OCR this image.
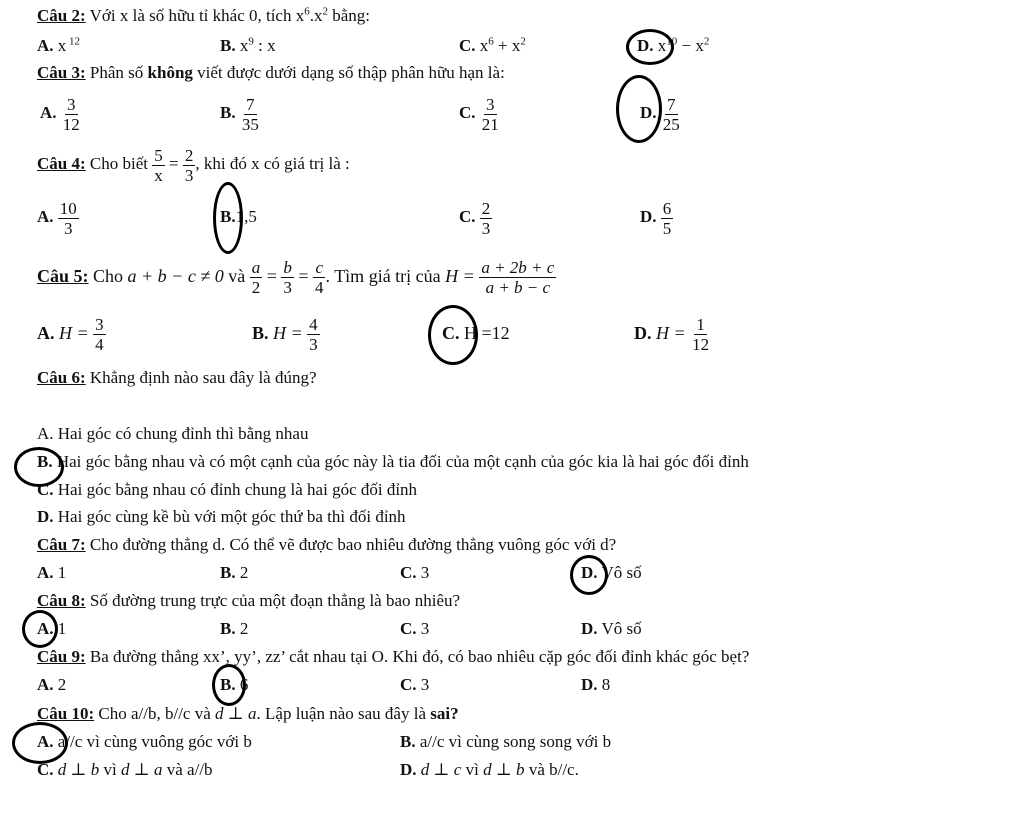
Câu 2: Với x là số hữu tỉ khác 0, tích $x^6.x^2$ bằng:
A. x $^{12}$	B. $x^9$ : x	C. $x^6 + x^2$	D. $x^{10} - x^2$
Câu 3: Phân số không viết được dưới dạng số thập phân hữu hạn là:
A. $\frac{3}{12}$	B. $\frac{7}{35}$	C. $\frac{3}{21}$	D. $\frac{7}{25}$
Câu 4: Cho biết $\frac{5}{x} = \frac{2}{3}$ , khi đó x có giá trị là :
A. $\frac{10}{3}$	B.1,5	C. $\frac{2}{3}$	D. $\frac{6}{5}$
Câu 5: Cho a + b − c ≠ 0 và $\frac{a}{2} = \frac{b}{3} = \frac{c}{4}$ . Tìm giá trị của $H = \frac{a + 2b + c}{a + b - c}$
A. $H = \frac{3}{4}$	B. $H = \frac{4}{3}$	C. H =12	D. $H = \frac{1}{12}$
Câu 6: Khẳng định nào sau đây là đúng?
A. Hai góc có chung đỉnh thì bằng nhau
B. Hai góc bằng nhau và có một cạnh của góc này là tia đối của một cạnh của góc kia là hai góc đối đỉnh
C. Hai góc bằng nhau có đỉnh chung là hai góc đối đỉnh
D. Hai góc cùng kề bù với một góc thứ ba thì đối đỉnh
Câu 7: Cho đường thẳng d. Có thể vẽ được bao nhiêu đường thẳng vuông góc với d?
A. 1	B. 2	C. 3	D. Vô số
Câu 8: Số đường trung trực của một đoạn thẳng là bao nhiêu?
A. 1	B. 2	C. 3	D. Vô số
Câu 9: Ba đường thẳng xx’, yy’, zz’ cắt nhau tại O. Khi đó, có bao nhiêu cặp góc đối đỉnh khác góc bẹt?
A. 2	B. 6	C. 3	D. 8
Câu 10: Cho a//b, b//c và d ⊥ a. Lập luận nào sau đây là sai?
A. a//c vì cùng vuông góc với b	B. a//c vì cùng song song với b
C. d ⊥ b vì d ⊥ a và a//b	D. d ⊥ c vì d ⊥ b và b//c.
